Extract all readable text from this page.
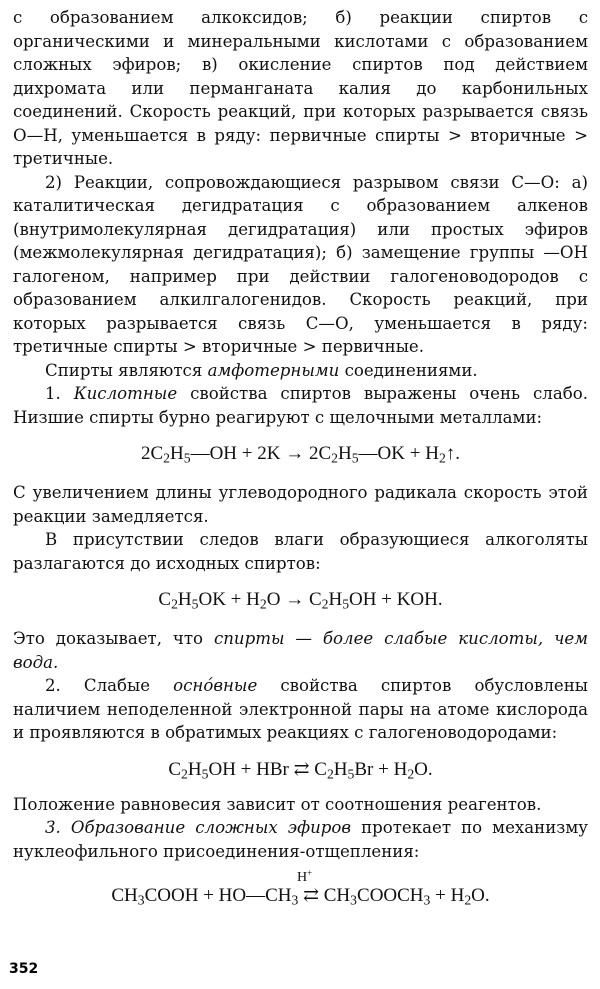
с образованием алкоксидов; б) реакции спиртов с органическими и минеральными кислотами с образованием сложных эфиров; в) окисление спиртов под действием дихромата или перманганата калия до карбонильных соединений. Скорость реакций, при которых разрывается связь О—Н, уменьшается в ряду: первичные спирты > вторичные > третичные.

2) Реакции, сопровождающиеся разрывом связи С—О: а) каталитическая дегидратация с образованием алкенов (внутримолекулярная дегидратация) или простых эфиров (межмолекулярная дегидратация); б) замещение группы —ОН галогеном, например при действии галогеноводородов с образованием алкилгалогенидов. Скорость реакций, при которых разрывается связь С—О, уменьшается в ряду: третичные спирты > вторичные > первичные.

Спирты являются амфотерными соединениями.

1. Кислотные свойства спиртов выражены очень слабо. Низшие спирты бурно реагируют с щелочными металлами:

$2C_2H_5—OH + 2K$ → $2C_2H_5—OK$ + $H_2↑$.

С увеличением длины углеводородного радикала скорость этой реакции замедляется.

В присутствии следов влаги образующиеся алкоголяты разлагаются до исходных спиртов:

$C_2H_5OK + H_2O \to C_2H_5OH$ + KOH.

Это доказывает, что спирты — более слабые кислоты, чем вода.

2. Слабые оснóвные свойства спиртов обусловлены наличием неподеленной электронной пары на атоме кислорода и проявляются в обратимых реакциях с галогеноводородами:

$C_2H_5OH$ + HBr ⇄ $C_2H_5Br + H_2O$.

Положение равновесия зависит от соотношения реагентов.

3. Образование сложных эфиров протекает по механизму нуклеофильного присоединения-отщепления:

H+
$CH_3COOH$ + $HO—CH_3$ ⇄ $CH_3COOCH_3 + H_2O$.
352
